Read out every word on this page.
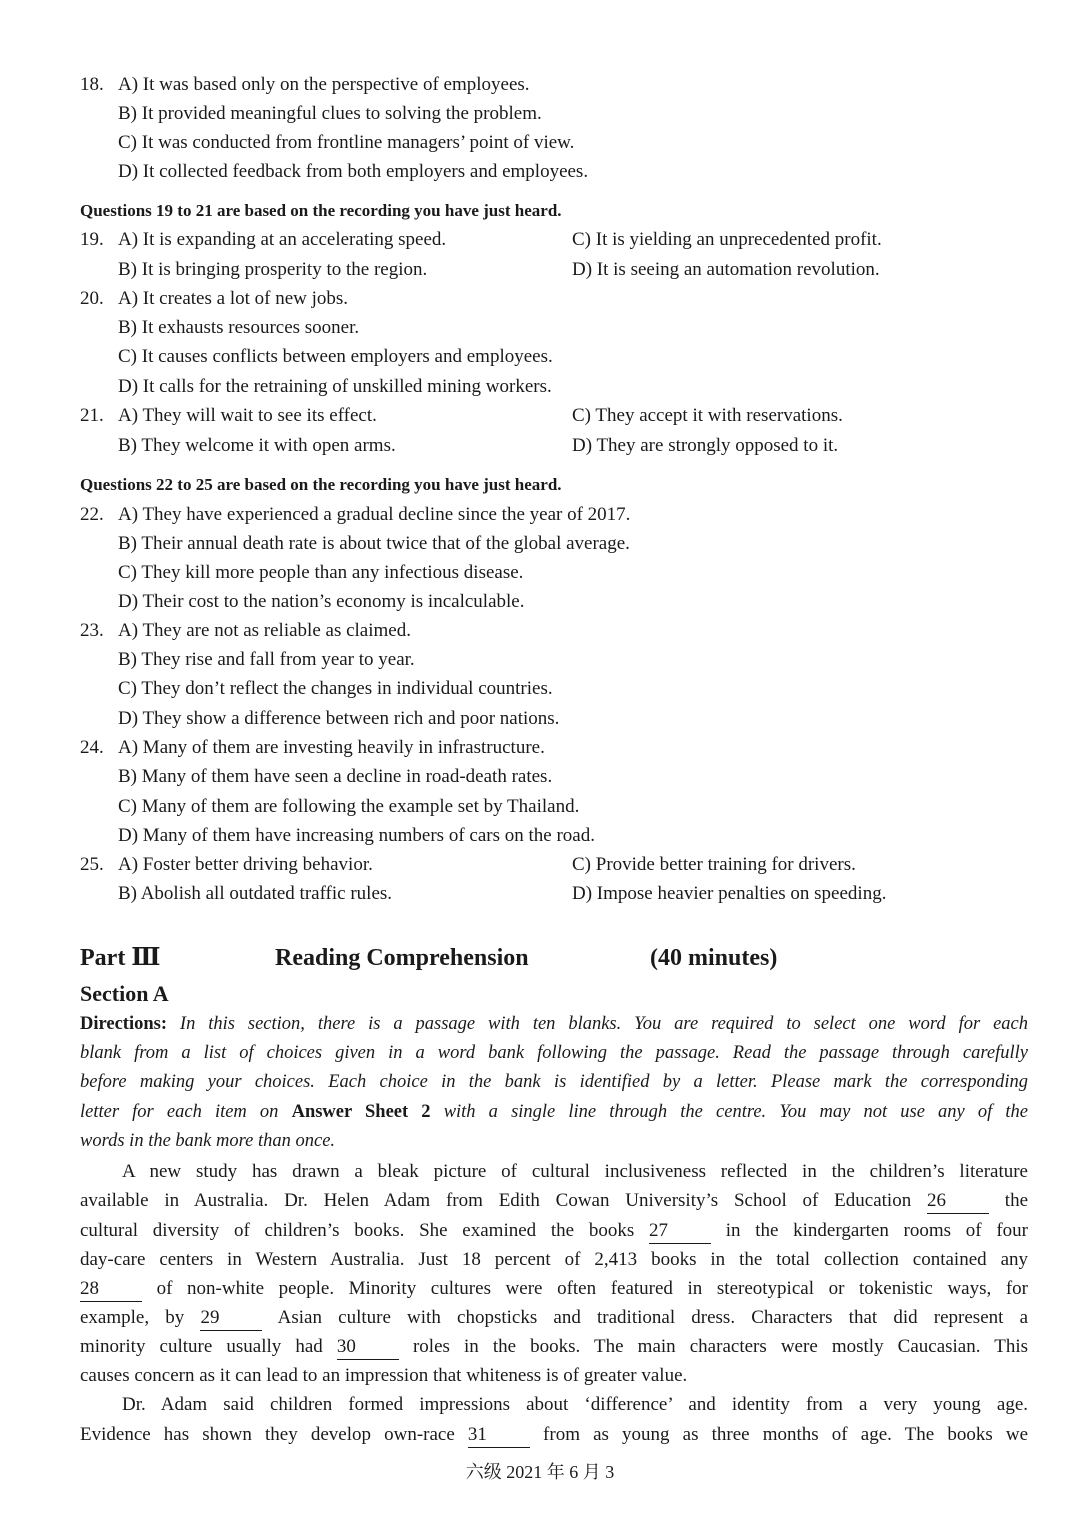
18. A) It was based only on the perspective of employees.
B) It provided meaningful clues to solving the problem.
C) It was conducted from frontline managers’ point of view.
D) It collected feedback from both employers and employees.
Questions 19 to 21 are based on the recording you have just heard.
19. A) It is expanding at an accelerating speed.	C) It is yielding an unprecedented profit.
B) It is bringing prosperity to the region.	D) It is seeing an automation revolution.
20. A) It creates a lot of new jobs.
B) It exhausts resources sooner.
C) It causes conflicts between employers and employees.
D) It calls for the retraining of unskilled mining workers.
21. A) They will wait to see its effect.	C) They accept it with reservations.
B) They welcome it with open arms.	D) They are strongly opposed to it.
Questions 22 to 25 are based on the recording you have just heard.
22. A) They have experienced a gradual decline since the year of 2017.
B) Their annual death rate is about twice that of the global average.
C) They kill more people than any infectious disease.
D) Their cost to the nation’s economy is incalculable.
23. A) They are not as reliable as claimed.
B) They rise and fall from year to year.
C) They don’t reflect the changes in individual countries.
D) They show a difference between rich and poor nations.
24. A) Many of them are investing heavily in infrastructure.
B) Many of them have seen a decline in road-death rates.
C) Many of them are following the example set by Thailand.
D) Many of them have increasing numbers of cars on the road.
25. A) Foster better driving behavior.	C) Provide better training for drivers.
B) Abolish all outdated traffic rules.	D) Impose heavier penalties on speeding.
Part Ⅲ	Reading Comprehension	(40 minutes)
Section A
Directions: In this section, there is a passage with ten blanks. You are required to select one word for each
blank from a list of choices given in a word bank following the passage. Read the passage through carefully
before making your choices. Each choice in the bank is identified by a letter. Please mark the corresponding
letter for each item on Answer Sheet 2 with a single line through the centre. You may not use any of the
words in the bank more than once.
A new study has drawn a bleak picture of cultural inclusiveness reflected in the children’s literature
available in Australia. Dr. Helen Adam from Edith Cowan University’s School of Education 26	the
cultural diversity of children’s books. She examined the books 27	in the kindergarten rooms of four
day-care centers in Western Australia. Just 18 percent of 2,413 books in the total collection contained any
28	of non-white people. Minority cultures were often featured in stereotypical or tokenistic ways, for
example, by 29	Asian culture with chopsticks and traditional dress. Characters that did represent a
minority culture usually had 30	roles in the books. The main characters were mostly Caucasian. This
causes concern as it can lead to an impression that whiteness is of greater value.
Dr. Adam said children formed impressions about ‘difference’ and identity from a very young age.
Evidence has shown they develop own-race 31	from as young as three months of age. The books we
六级 2021 年 6 月 3
